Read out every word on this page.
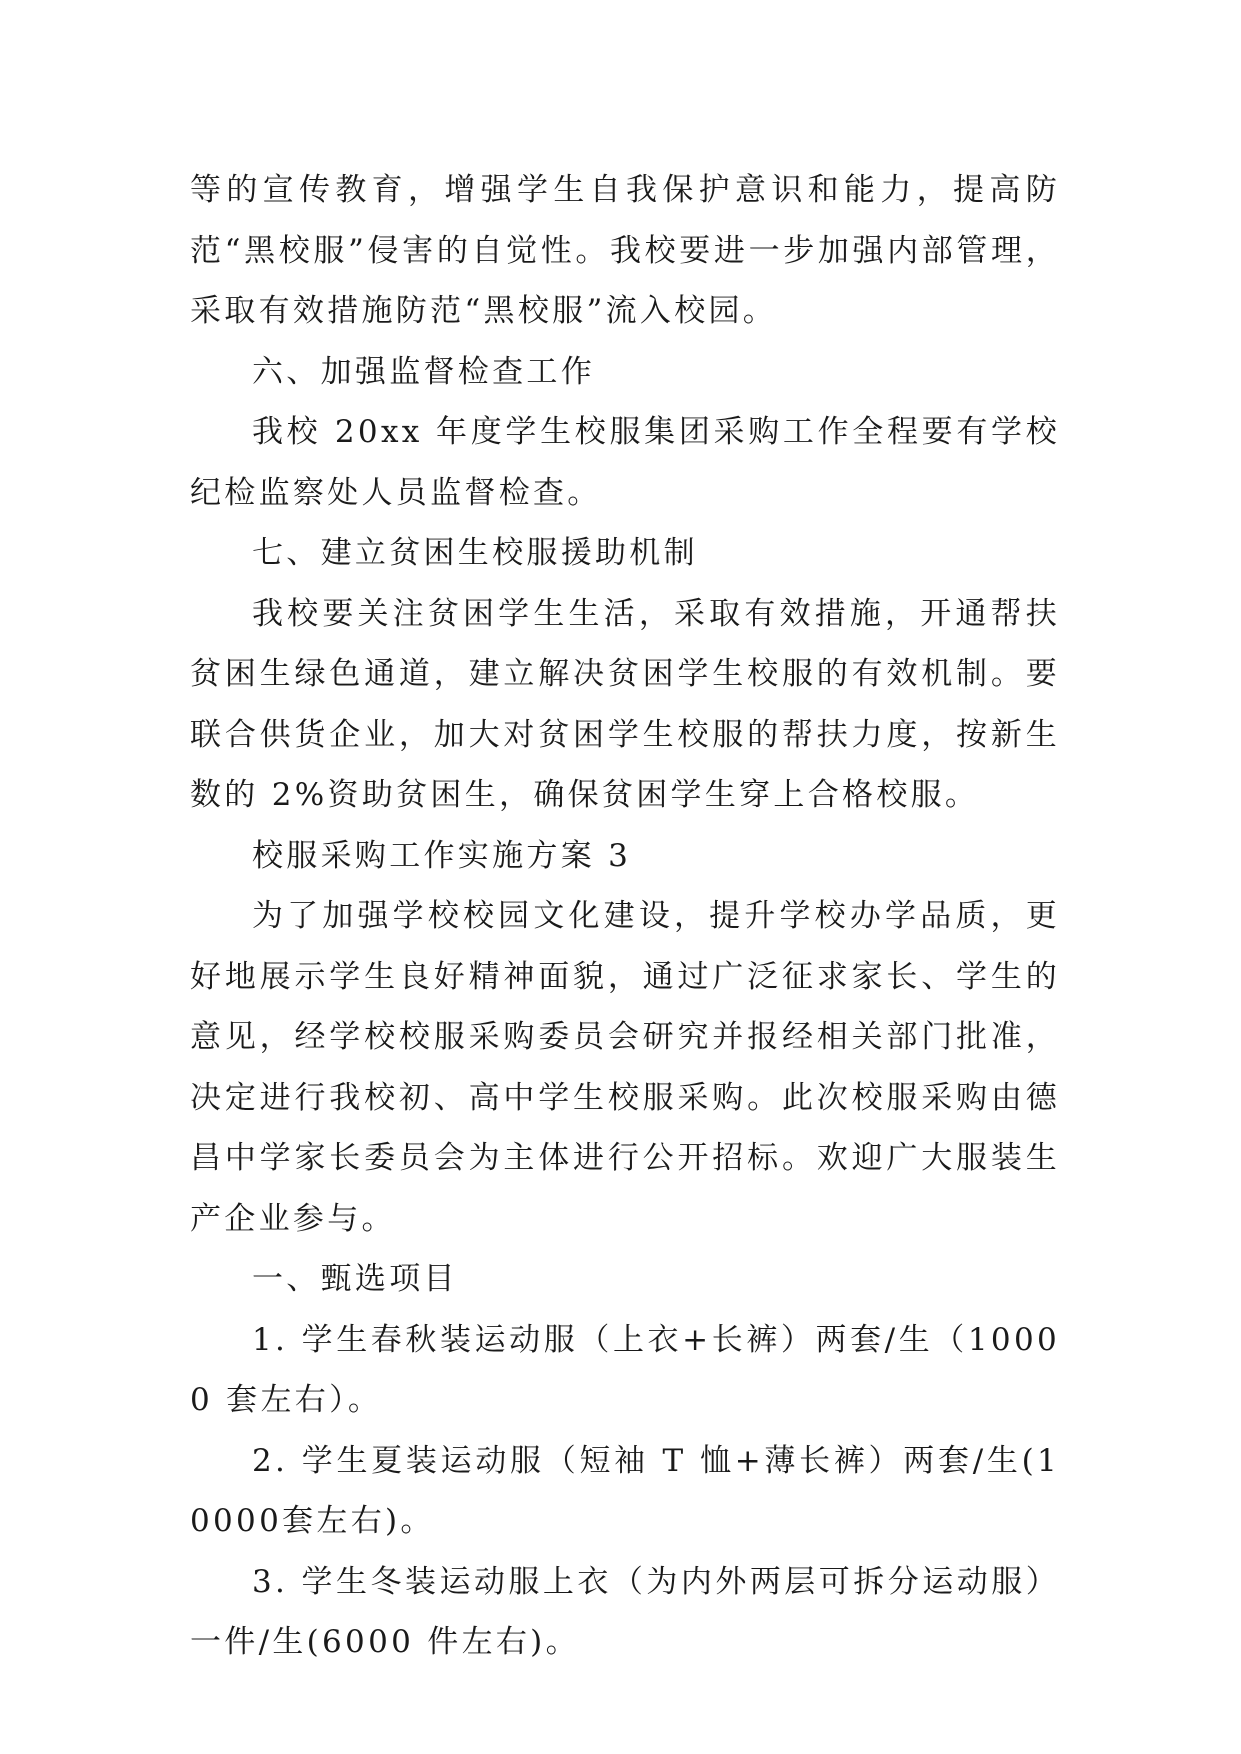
等的宣传教育，增强学生自我保护意识和能力，提高防范“黑校服”侵害的自觉性。我校要进一步加强内部管理，采取有效措施防范“黑校服”流入校园。

六、加强监督检查工作

我校 20xx 年度学生校服集团采购工作全程要有学校纪检监察处人员监督检查。

七、建立贫困生校服援助机制

我校要关注贫困学生生活，采取有效措施，开通帮扶贫困生绿色通道，建立解决贫困学生校服的有效机制。要联合供货企业，加大对贫困学生校服的帮扶力度，按新生数的 2%资助贫困生，确保贫困学生穿上合格校服。

校服采购工作实施方案 3

为了加强学校校园文化建设，提升学校办学品质，更好地展示学生良好精神面貌，通过广泛征求家长、学生的意见，经学校校服采购委员会研究并报经相关部门批准，决定进行我校初、高中学生校服采购。此次校服采购由德昌中学家长委员会为主体进行公开招标。欢迎广大服装生产企业参与。

一、甄选项目

1. 学生春秋装运动服（上衣+长裤）两套/生（10000 套左右）。

2. 学生夏装运动服（短袖 T 恤+薄长裤）两套/生(10000套左右)。

3. 学生冬装运动服上衣（为内外两层可拆分运动服）一件/生(6000 件左右)。
